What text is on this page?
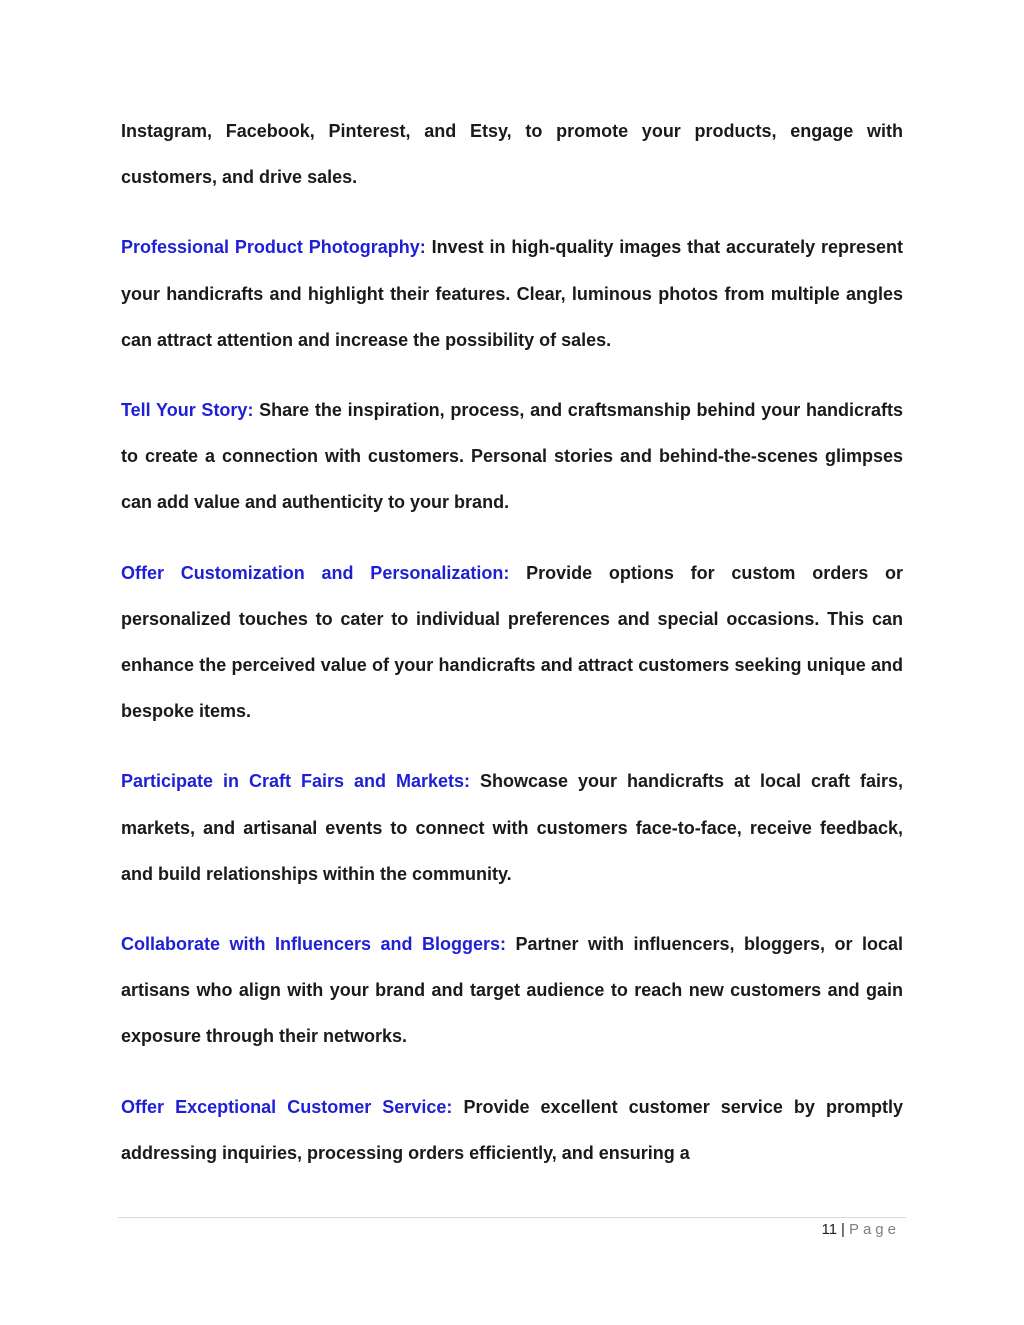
Instagram, Facebook, Pinterest, and Etsy, to promote your products, engage with customers, and drive sales.

Professional Product Photography: Invest in high-quality images that accurately represent your handicrafts and highlight their features. Clear, luminous photos from multiple angles can attract attention and increase the possibility of sales.

Tell Your Story: Share the inspiration, process, and craftsmanship behind your handicrafts to create a connection with customers. Personal stories and behind-the-scenes glimpses can add value and authenticity to your brand.

Offer Customization and Personalization: Provide options for custom orders or personalized touches to cater to individual preferences and special occasions. This can enhance the perceived value of your handicrafts and attract customers seeking unique and bespoke items.

Participate in Craft Fairs and Markets: Showcase your handicrafts at local craft fairs, markets, and artisanal events to connect with customers face-to-face, receive feedback, and build relationships within the community.

Collaborate with Influencers and Bloggers: Partner with influencers, bloggers, or local artisans who align with your brand and target audience to reach new customers and gain exposure through their networks.

Offer Exceptional Customer Service: Provide excellent customer service by promptly addressing inquiries, processing orders efficiently, and ensuring a

11 | Page
